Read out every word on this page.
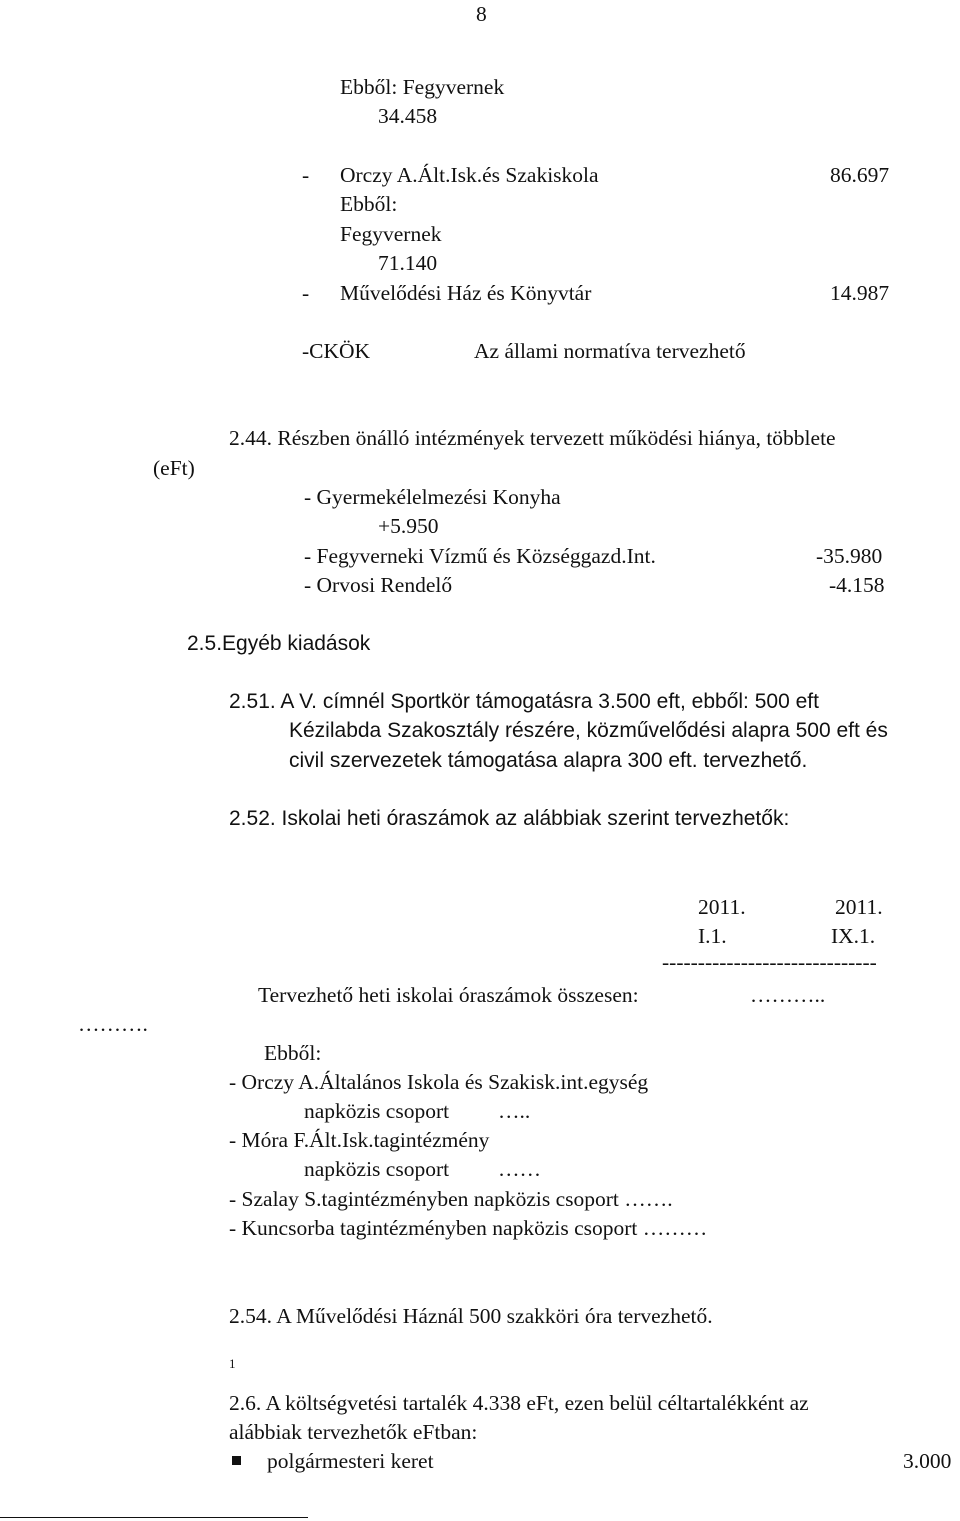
8
Ebből: Fegyvernek
34.458
- Orczy A.Ált.Isk.és Szakiskola	86.697
Ebből:
Fegyvernek
71.140
- Művelődési Ház és Könyvtár	14.987
-CKÖK	Az állami normatíva tervezhető
2.44. Részben önálló intézmények tervezett működési hiánya, többlete
(eFt)
- Gyermekélelmezési Konyha
+5.950
- Fegyverneki Vízmű és Községgazd.Int.	-35.980
- Orvosi Rendelő	-4.158
2.5.Egyéb kiadások
2.51. A V. címnél Sportkör támogatásra 3.500 eft, ebből: 500 eft
Kézilabda Szakosztály részére, közművelődési alapra 500 eft és
civil szervezetek támogatása alapra 300 eft. tervezhető.
2.52. Iskolai heti óraszámok az alábbiak szerint tervezhetők:
2011.	2011.
I.1.	IX.1.
------------------------------
Tervezhető heti iskolai óraszámok összesen:	………..
……….
Ebből:
- Orczy A.Általános Iskola és Szakisk.int.egység
napközis csoport …..
- Móra F.Ált.Isk.tagintézmény
napközis csoport ……
- Szalay S.tagintézményben napközis csoport …….
- Kuncsorba tagintézményben napközis csoport ………
2.54. A Művelődési Háznál 500 szakköri óra tervezhető.
1
2.6. A költségvetési tartalék 4.338 eFt, ezen belül céltartalékként az
alábbiak tervezhetők eFtban:
polgármesteri keret	3.000
